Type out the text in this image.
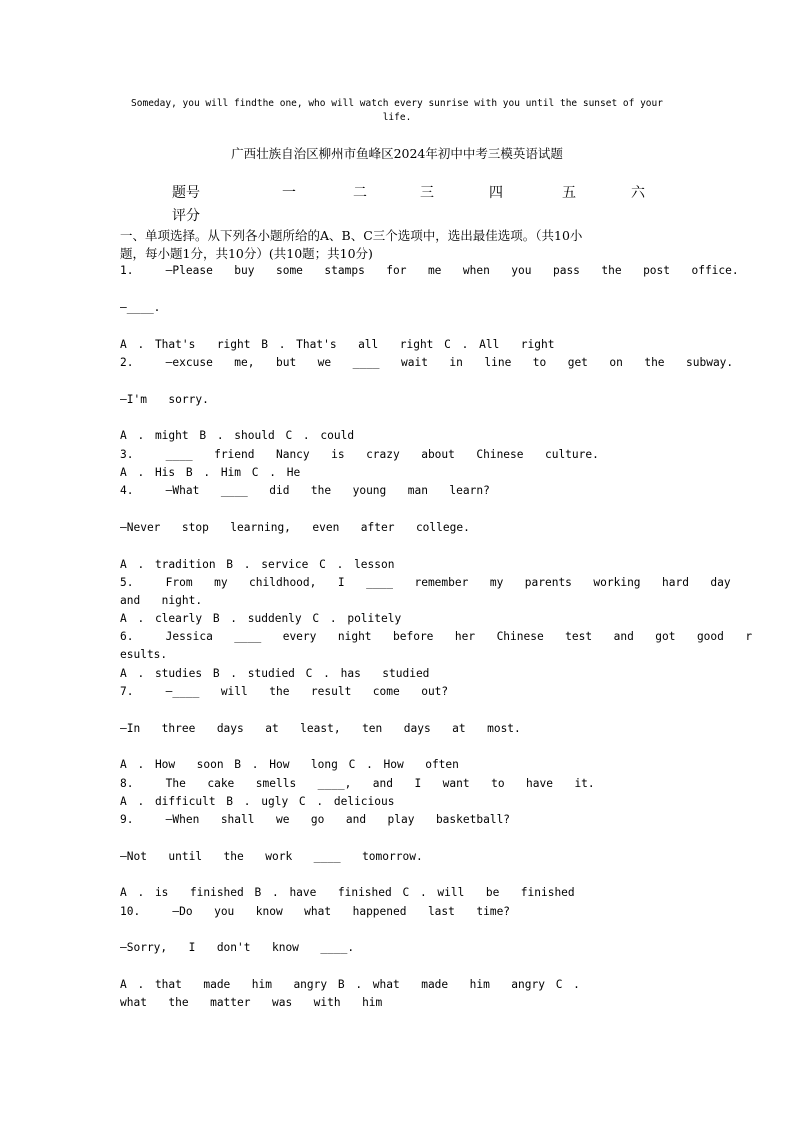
Someday, you will findthe one, who will watch every sunrise with you until the sunset of your life.
广西壮族自治区柳州市鱼峰区2024年初中中考三模英语试题
题号	一	二	三	四	五	六
评分
一、单项选择。从下列各小题所给的A、B、C三个选项中，选出最佳选项。（共10小
题，每小题1分，共10分）(共10题；共10分)
1.   —Please  buy  some  stamps  for  me  when  you  pass  the  post  office.
—____.
A . That's  right B . That's  all  right C . All  right
2.   —excuse  me,  but  we  ____  wait  in  line  to  get  on  the  subway.
—I'm  sorry.
A . might B . should C . could
3.   ____  friend  Nancy  is  crazy  about  Chinese  culture.
A . His B . Him C . He
4.   —What  ____  did  the  young  man  learn?
—Never  stop  learning,  even  after  college.
A . tradition B . service C . lesson
5.   From  my  childhood,  I  ____  remember  my  parents  working  hard  day
and  night.
A . clearly B . suddenly C . politely
6.   Jessica  ____  every  night  before  her  Chinese  test  and  got  good  r
esults.
A . studies B . studied C . has  studied
7.   —____  will  the  result  come  out?
—In  three  days  at  least,  ten  days  at  most.
A . How  soon B . How  long C . How  often
8.   The  cake  smells  ____,  and  I  want  to  have  it.
A . difficult B . ugly C . delicious
9.   —When  shall  we  go  and  play  basketball?
—Not  until  the  work  ____  tomorrow.
A . is  finished B . have  finished C . will  be  finished
10.   —Do  you  know  what  happened  last  time?
—Sorry,  I  don't  know  ____.
A . that  made  him  angry B . what  made  him  angry C .
what  the  matter  was  with  him
